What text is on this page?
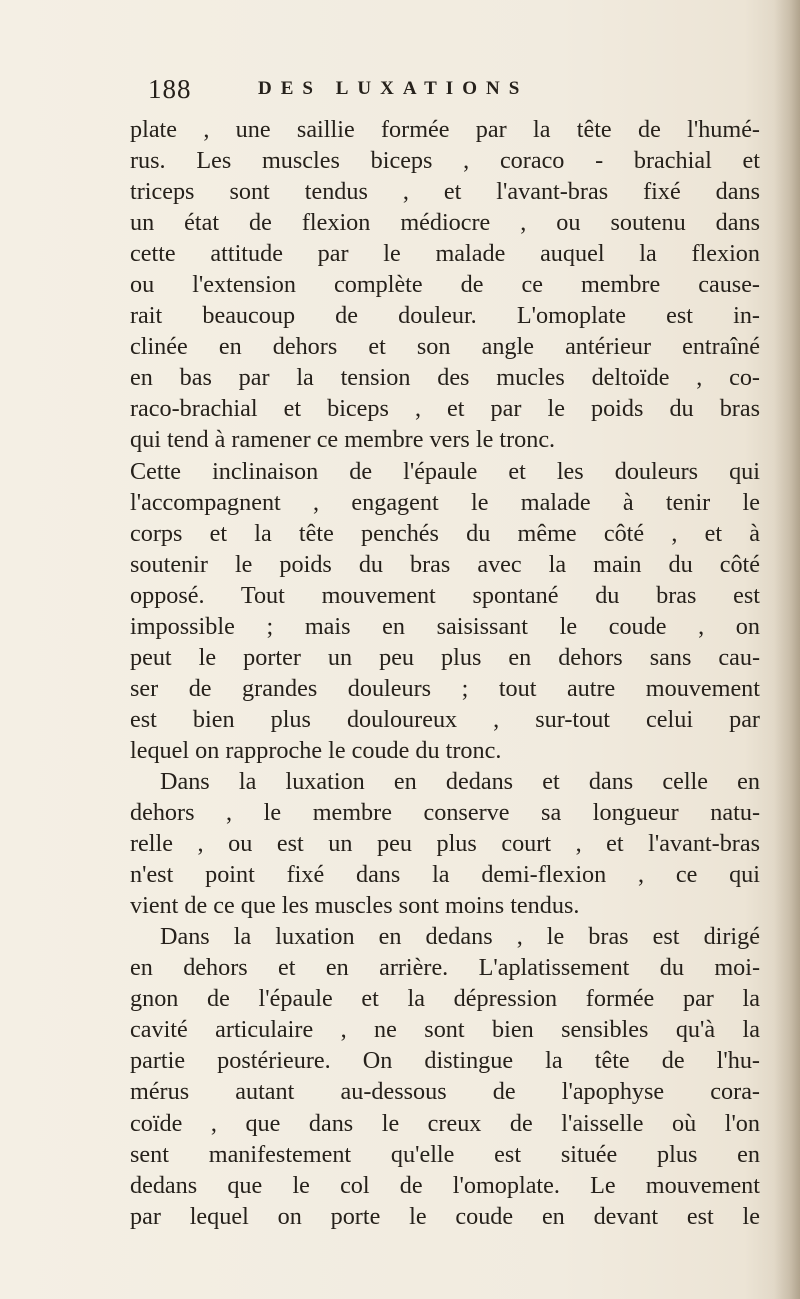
188	DES LUXATIONS
plate , une saillie formée par la tête de l'humé-
rus. Les muscles biceps , coraco - brachial et
triceps sont tendus , et l'avant-bras fixé dans
un état de flexion médiocre , ou soutenu dans
cette attitude par le malade auquel la flexion
ou l'extension complète de ce membre cause-
rait beaucoup de douleur. L'omoplate est in-
clinée en dehors et son angle antérieur entraîné
en bas par la tension des mucles deltoïde , co-
raco-brachial et biceps , et par le poids du bras
qui tend à ramener ce membre vers le tronc.
Cette inclinaison de l'épaule et les douleurs qui
l'accompagnent , engagent le malade à tenir le
corps et la tête penchés du même côté , et à
soutenir le poids du bras avec la main du côté
opposé. Tout mouvement spontané du bras est
impossible ; mais en saisissant le coude , on
peut le porter un peu plus en dehors sans cau-
ser de grandes douleurs ; tout autre mouvement
est bien plus douloureux , sur-tout celui par
lequel on rapproche le coude du tronc.
Dans la luxation en dedans et dans celle en
dehors , le membre conserve sa longueur natu-
relle , ou est un peu plus court , et l'avant-bras
n'est point fixé dans la demi-flexion , ce qui
vient de ce que les muscles sont moins tendus.
Dans la luxation en dedans , le bras est dirigé
en dehors et en arrière. L'aplatissement du moi-
gnon de l'épaule et la dépression formée par la
cavité articulaire , ne sont bien sensibles qu'à la
partie postérieure. On distingue la tête de l'hu-
mérus autant au-dessous de l'apophyse cora-
coïde , que dans le creux de l'aisselle où l'on
sent manifestement qu'elle est située plus en
dedans que le col de l'omoplate. Le mouvement
par lequel on porte le coude en devant est le
